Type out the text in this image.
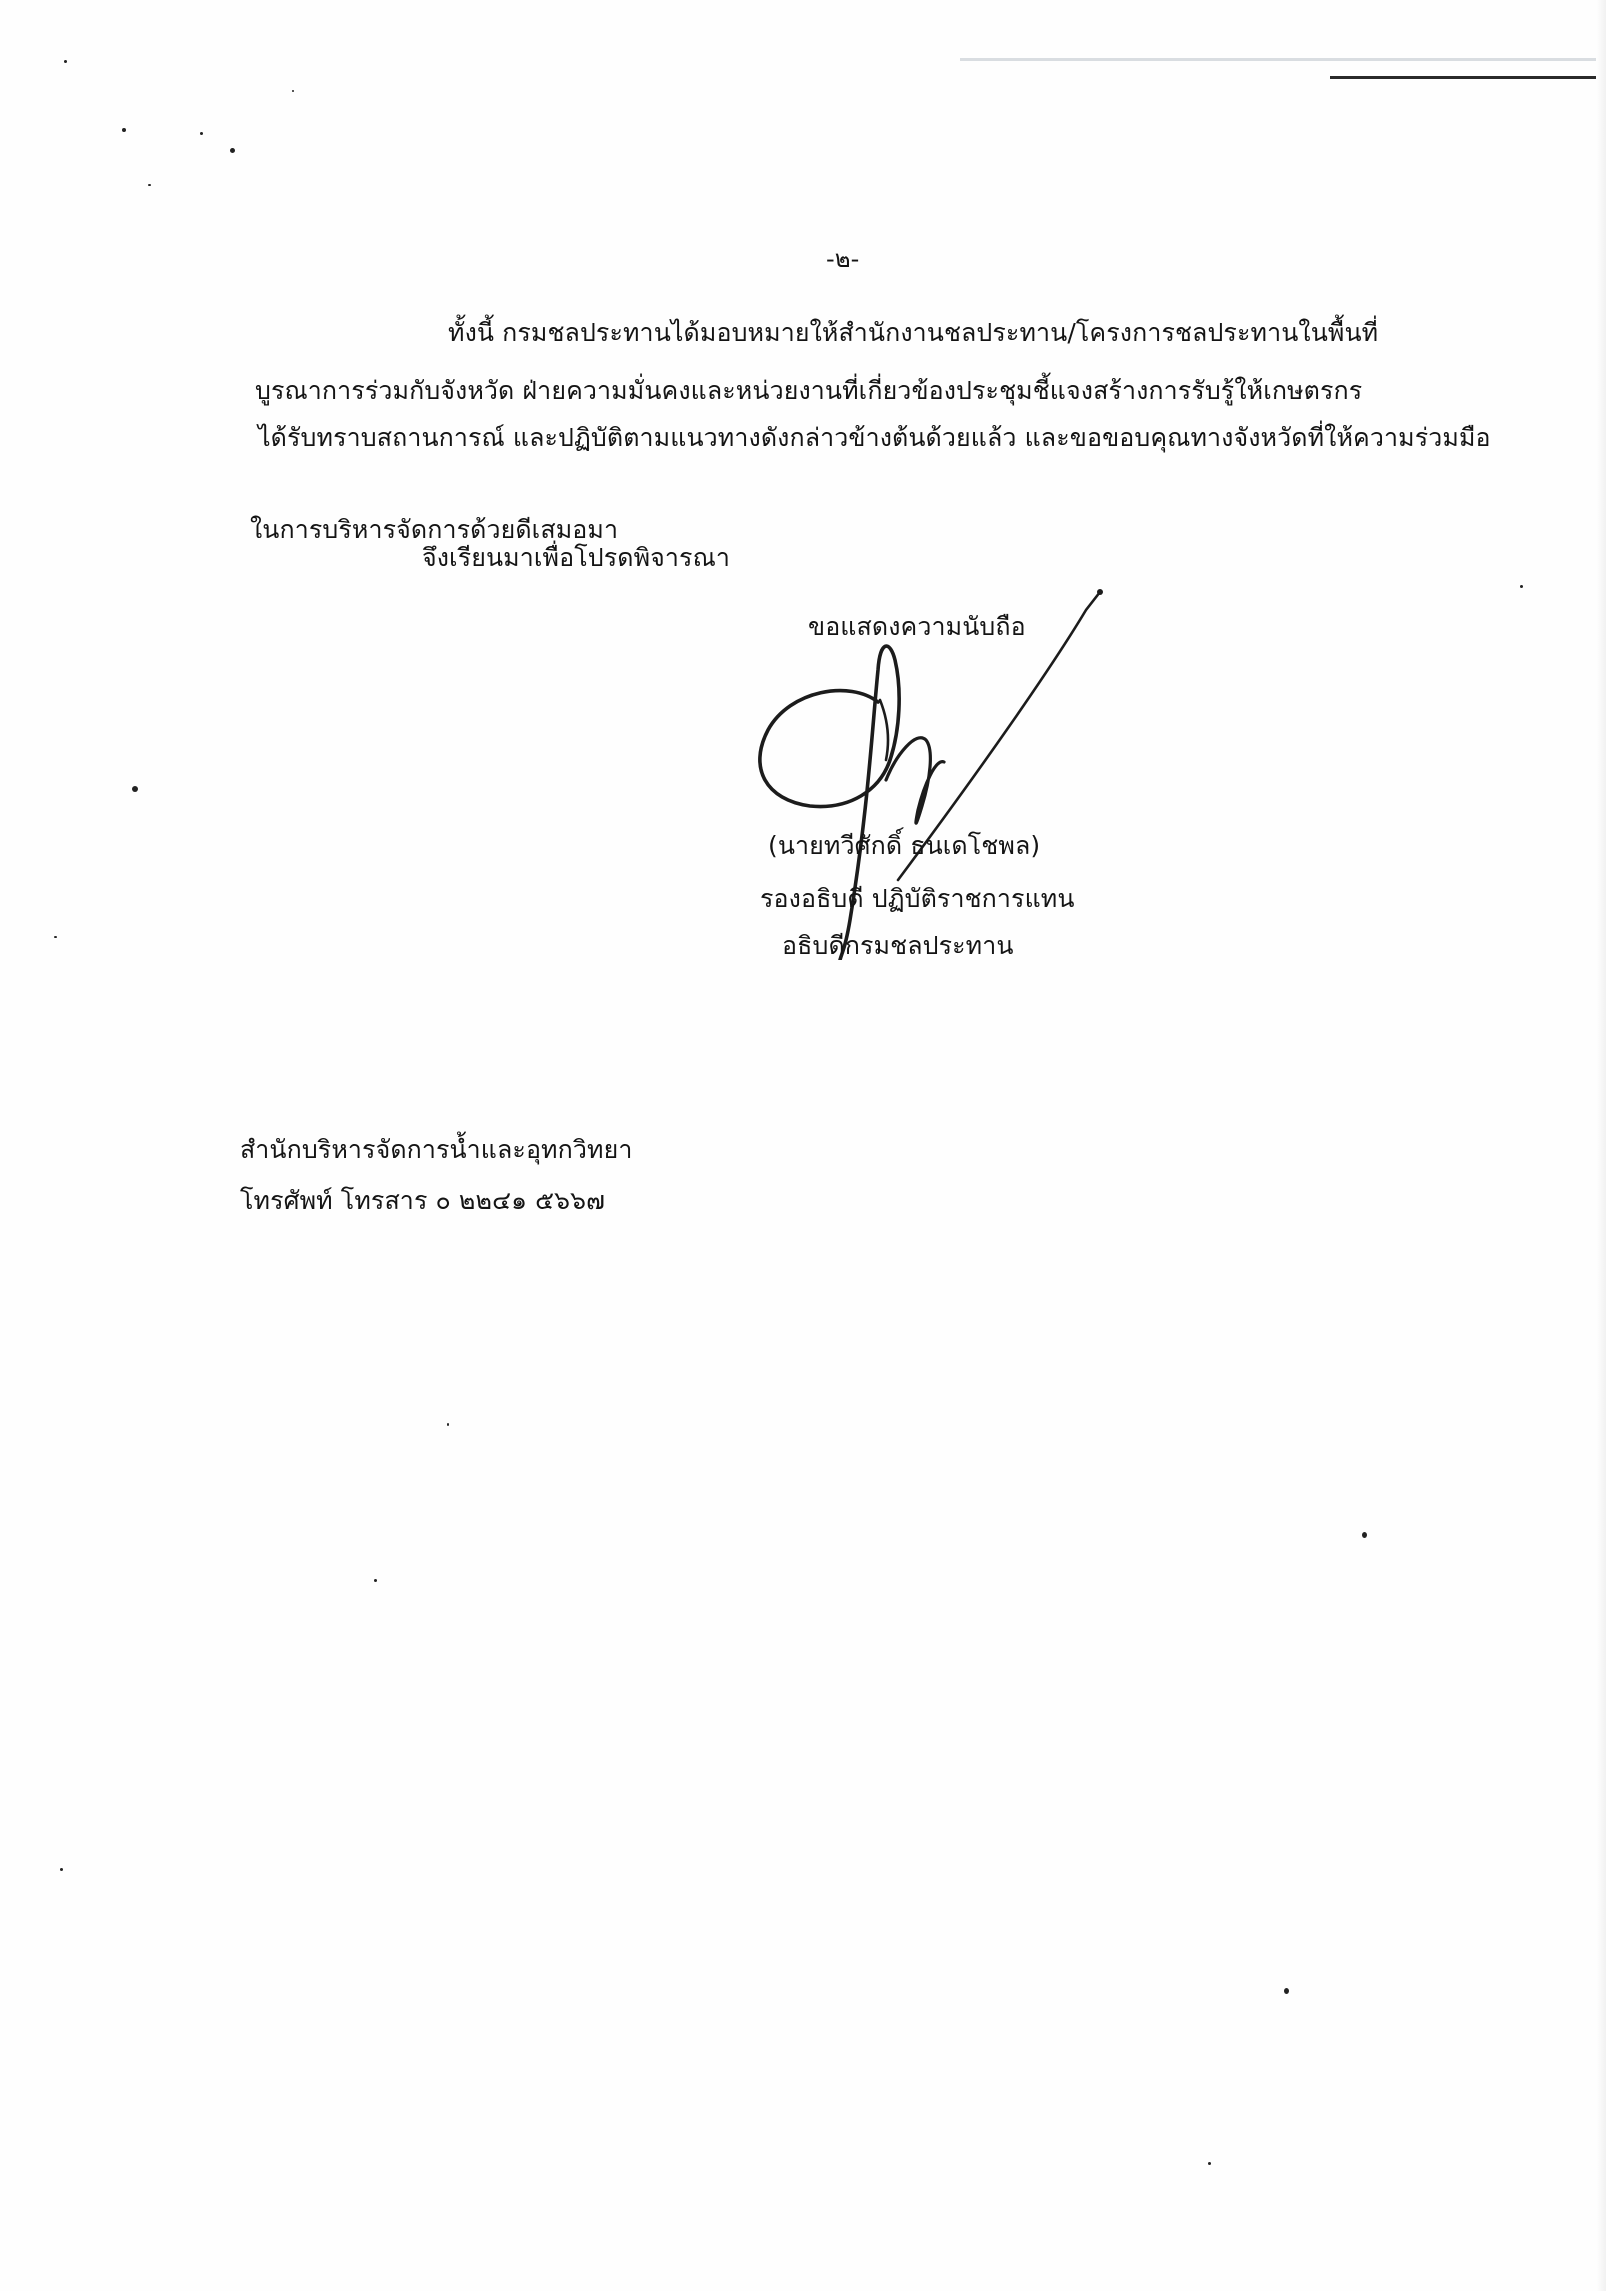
-๒-
ทั้งนี้ กรมชลประทานได้มอบหมายให้สำนักงานชลประทาน/โครงการชลประทานในพื้นที่
บูรณาการร่วมกับจังหวัด ฝ่ายความมั่นคงและหน่วยงานที่เกี่ยวข้องประชุมชี้แจงสร้างการรับรู้ให้เกษตรกร
ได้รับทราบสถานการณ์ และปฏิบัติตามแนวทางดังกล่าวข้างต้นด้วยแล้ว และขอขอบคุณทางจังหวัดที่ให้ความร่วมมือ
ในการบริหารจัดการด้วยดีเสมอมา
จึงเรียนมาเพื่อโปรดพิจารณา
ขอแสดงความนับถือ
(นายทวีศักดิ์ ธนเดโชพล)
รองอธิบดี ปฏิบัติราชการแทน
อธิบดีกรมชลประทาน
สำนักบริหารจัดการน้ำและอุทกวิทยา
โทรศัพท์ โทรสาร ๐ ๒๒๔๑ ๕๖๖๗
